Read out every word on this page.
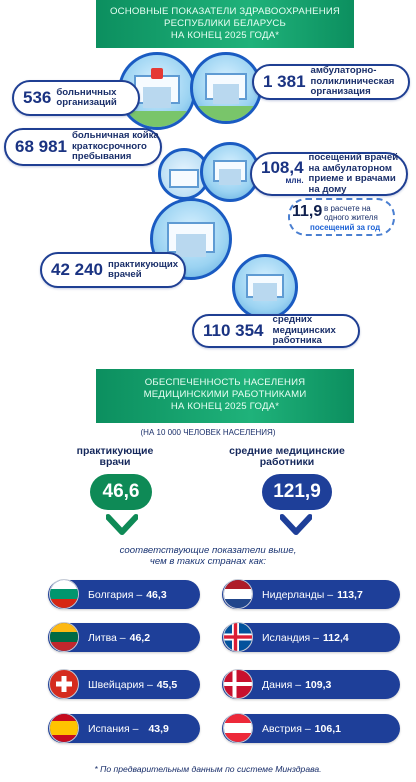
ОСНОВНЫЕ ПОКАЗАТЕЛИ ЗДРАВООХРАНЕНИЯ
РЕСПУБЛИКИ БЕЛАРУСЬ
НА КОНЕЦ 2025 ГОДА*
536 больничных
организаций
1 381
амбулаторно-
поликлиническая
организация
68 981
больничная койка
краткосрочного
пребывания
108,4
млн.
посещений врачей
на амбулаторном
приеме и врачами
на дому
11,9 в расчете на
одного жителя
посещений за год
42 240 практикующих
врачей
110 354
средних
медицинских
работника
ОБЕСПЕЧЕННОСТЬ НАСЕЛЕНИЯ
МЕДИЦИНСКИМИ РАБОТНИКАМИ
НА КОНЕЦ 2025 ГОДА*
(НА 10 000 ЧЕЛОВЕК НАСЕЛЕНИЯ)
практикующие
врачи
средние медицинские
работники
46,6	121,9
соответствующие показатели выше,
чем в таких странах как:
Болгария – 46,3
Литва – 46,2
Швейцария – 45,5
Испания – 43,9
Нидерланды – 113,7
Исландия – 112,4
Дания – 109,3
Австрия – 106,1
* По предварительным данным по системе Минздрава.
